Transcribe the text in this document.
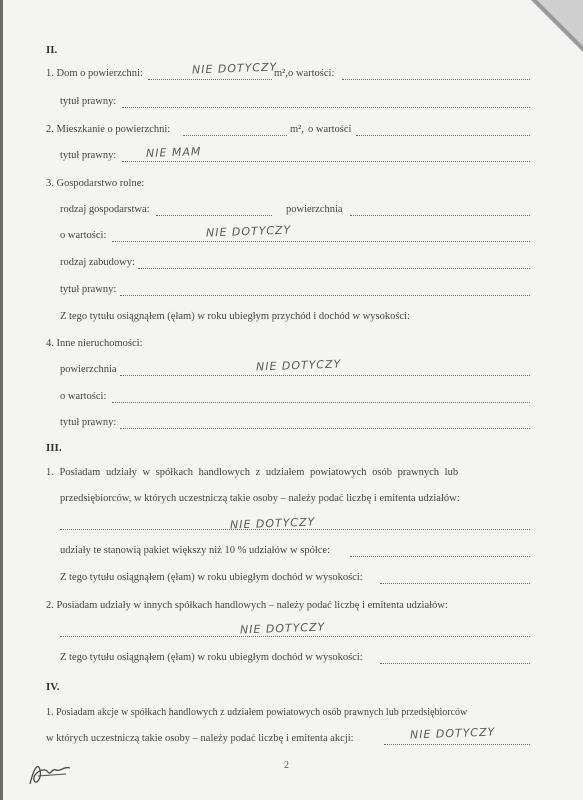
II.
1. Dom o powierzchni:	NIE DOTYCZY
m², o wartości:
tytuł prawny:
2. Mieszkanie o powierzchni:	m², o wartości
tytuł prawny:	NIE MAM
3. Gospodarstwo rolne:
rodzaj gospodarstwa:	powierzchnia
o wartości:	NIE DOTYCZY
rodzaj zabudowy:
tytuł prawny:
Z tego tytułu osiągnąłem (ęłam) w roku ubiegłym przychód i dochód w wysokości:
4. Inne nieruchomości:
powierzchnia	NIE DOTYCZY
o wartości:
tytuł prawny:
III.
1. Posiadam udziały w spółkach handlowych z udziałem powiatowych osób prawnych lub
przedsiębiorców, w których uczestniczą takie osoby – należy podać liczbę i emitenta udziałów:
NIE DOTYCZY
udziały te stanowią pakiet większy niż 10 % udziałów w spółce:
Z tego tytułu osiągnąłem (ęłam) w roku ubiegłym dochód w wysokości:
2. Posiadam udziały w innych spółkach handlowych – należy podać liczbę i emitenta udziałów:
NIE DOTYCZY
Z tego tytułu osiągnąłem (ęłam) w roku ubiegłym dochód w wysokości:
IV.
1. Posiadam akcje w spółkach handlowych z udziałem powiatowych osób prawnych lub przedsiębiorców
w których uczestniczą takie osoby – należy podać liczbę i emitenta akcji:	NIE DOTYCZY
2
